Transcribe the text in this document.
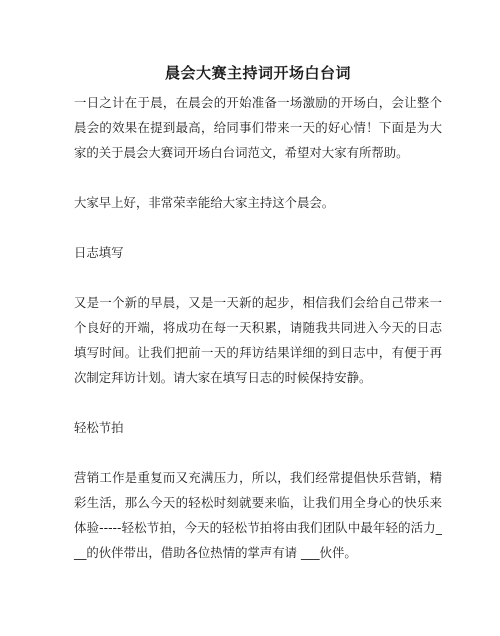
晨会大赛主持词开场白台词

一日之计在于晨，在晨会的开始准备一场激励的开场白，会让整个晨会的效果在提到最高，给同事们带来一天的好心情！下面是为大家的关于晨会大赛词开场白台词范文，希望对大家有所帮助。

大家早上好，非常荣幸能给大家主持这个晨会。

日志填写

又是一个新的早晨，又是一天新的起步，相信我们会给自己带来一个良好的开端，将成功在每一天积累，请随我共同进入今天的日志填写时间。让我们把前一天的拜访结果详细的到日志中，有便于再次制定拜访计划。请大家在填写日志的时候保持安静。

轻松节拍

营销工作是重复而又充满压力，所以，我们经常提倡快乐营销，精彩生活，那么今天的轻松时刻就要来临，让我们用全身心的快乐来体验-----轻松节拍，今天的轻松节拍将由我们团队中最年轻的活力___的伙伴带出，借助各位热情的掌声有请 ___伙伴。
